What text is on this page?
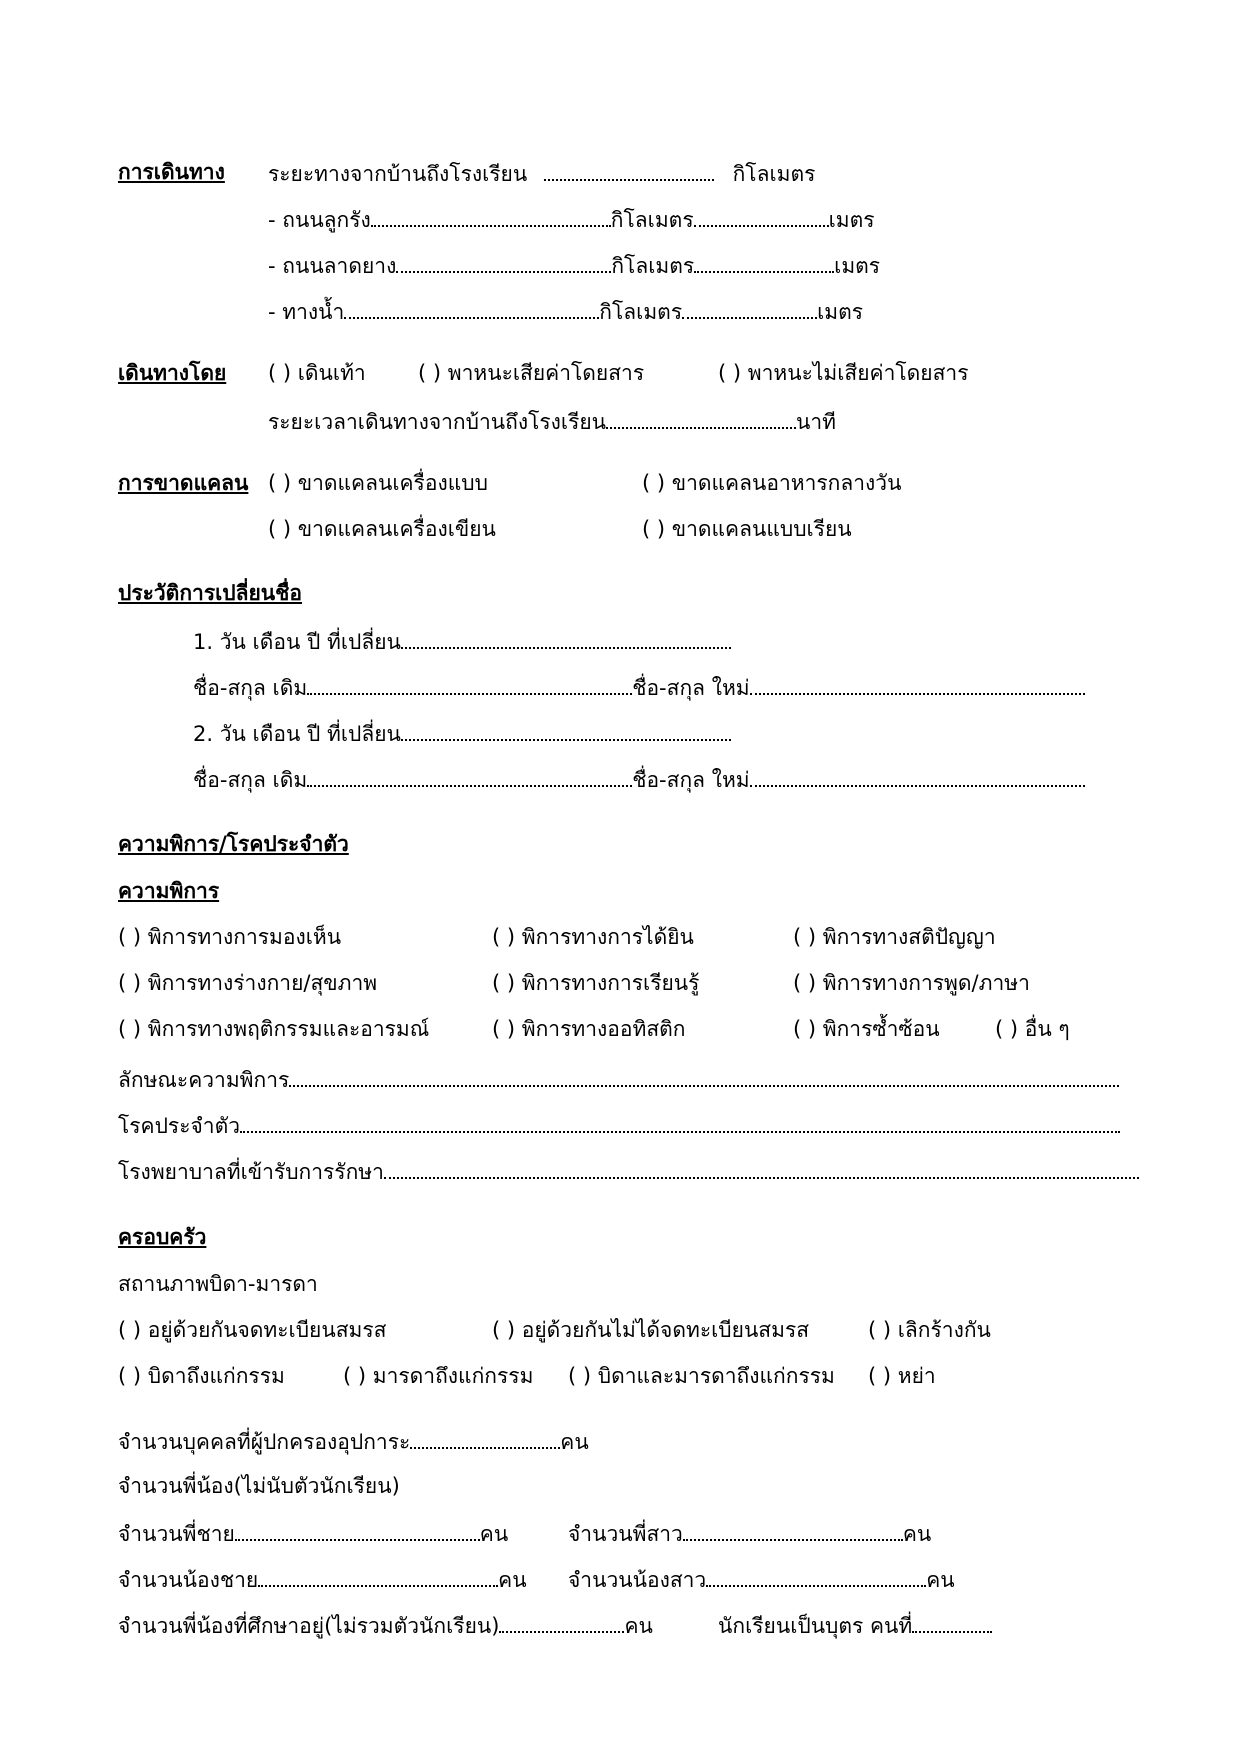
การเดินทาง ระยะทางจากบ้านถึงโรงเรียน	กิโลเมตร
- ถนนลูกรัง	กิโลเมตร	เมตร
- ถนนลาดยาง	กิโลเมตร	เมตร
- ทางน้ำ	กิโลเมตร	เมตร
เดินทางโดย ( ) เดินเท้า ( ) พาหนะเสียค่าโดยสาร	( ) พาหนะไม่เสียค่าโดยสาร
ระยะเวลาเดินทางจากบ้านถึงโรงเรียน	นาที
การขาดแคลน ( ) ขาดแคลนเครื่องแบบ	( ) ขาดแคลนอาหารกลางวัน
( ) ขาดแคลนเครื่องเขียน	( ) ขาดแคลนแบบเรียน
ประวัติการเปลี่ยนชื่อ
1. วัน เดือน ปี ที่เปลี่ยน
ชื่อ-สกุล เดิม	ชื่อ-สกุล ใหม่
2. วัน เดือน ปี ที่เปลี่ยน
ชื่อ-สกุล เดิม	ชื่อ-สกุล ใหม่
ความพิการ/โรคประจำตัว
ความพิการ
( ) พิการทางการมองเห็น	( ) พิการทางการได้ยิน	( ) พิการทางสติปัญญา
( ) พิการทางร่างกาย/สุขภาพ	( ) พิการทางการเรียนรู้	( ) พิการทางการพูด/ภาษา
( ) พิการทางพฤติกรรมและอารมณ์	( ) พิการทางออทิสติก	( ) พิการซ้ำซ้อน	( ) อื่น ๆ
ลักษณะความพิการ
โรคประจำตัว
โรงพยาบาลที่เข้ารับการรักษา
ครอบครัว
สถานภาพบิดา-มารดา
( ) อยู่ด้วยกันจดทะเบียนสมรส	( ) อยู่ด้วยกันไม่ได้จดทะเบียนสมรส	( ) เลิกร้างกัน
( ) บิดาถึงแก่กรรม	( ) มารดาถึงแก่กรรม ( ) บิดาและมารดาถึงแก่กรรม ( ) หย่า
จำนวนบุคคลที่ผู้ปกครองอุปการะ	คน
จำนวนพี่น้อง(ไม่นับตัวนักเรียน)
จำนวนพี่ชาย	คน	จำนวนพี่สาว	คน
จำนวนน้องชาย	คน จำนวนน้องสาว	คน
จำนวนพี่น้องที่ศึกษาอยู่(ไม่รวมตัวนักเรียน)	คน	นักเรียนเป็นบุตร คนที่
